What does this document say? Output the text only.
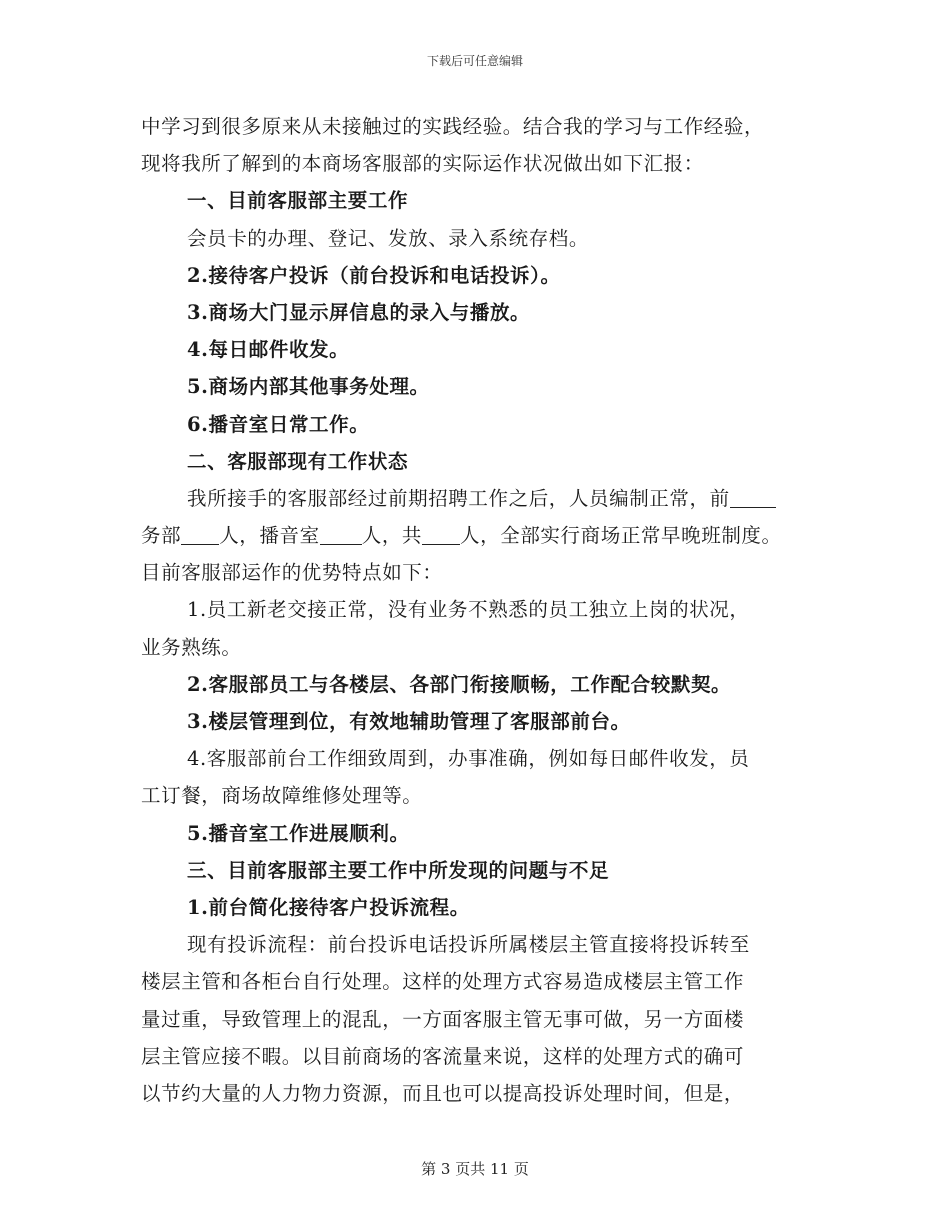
下载后可任意编辑
中学习到很多原来从未接触过的实践经验。结合我的学习与工作经验，
现将我所了解到的本商场客服部的实际运作状况做出如下汇报：
一、目前客服部主要工作
会员卡的办理、登记、发放、录入系统存档。
2.接待客户投诉（前台投诉和电话投诉）。
3.商场大门显示屏信息的录入与播放。
4.每日邮件收发。
5.商场内部其他事务处理。
6.播音室日常工作。
二、客服部现有工作状态
我所接手的客服部经过前期招聘工作之后，人员编制正常，前
务部 人，播音室 人，共 人，全部实行商场正常早晚班制度。
目前客服部运作的优势特点如下：
1.员工新老交接正常，没有业务不熟悉的员工独立上岗的状况，
业务熟练。
2.客服部员工与各楼层、各部门衔接顺畅，工作配合较默契。
3.楼层管理到位，有效地辅助管理了客服部前台。
4.客服部前台工作细致周到，办事准确，例如每日邮件收发，员
工订餐，商场故障维修处理等。
5.播音室工作进展顺利。
三、目前客服部主要工作中所发现的问题与不足
1.前台简化接待客户投诉流程。
现有投诉流程：前台投诉电话投诉所属楼层主管直接将投诉转至
楼层主管和各柜台自行处理。这样的处理方式容易造成楼层主管工作
量过重，导致管理上的混乱，一方面客服主管无事可做，另一方面楼
层主管应接不暇。以目前商场的客流量来说，这样的处理方式的确可
以节约大量的人力物力资源，而且也可以提高投诉处理时间，但是，
第 3 页共 11 页
